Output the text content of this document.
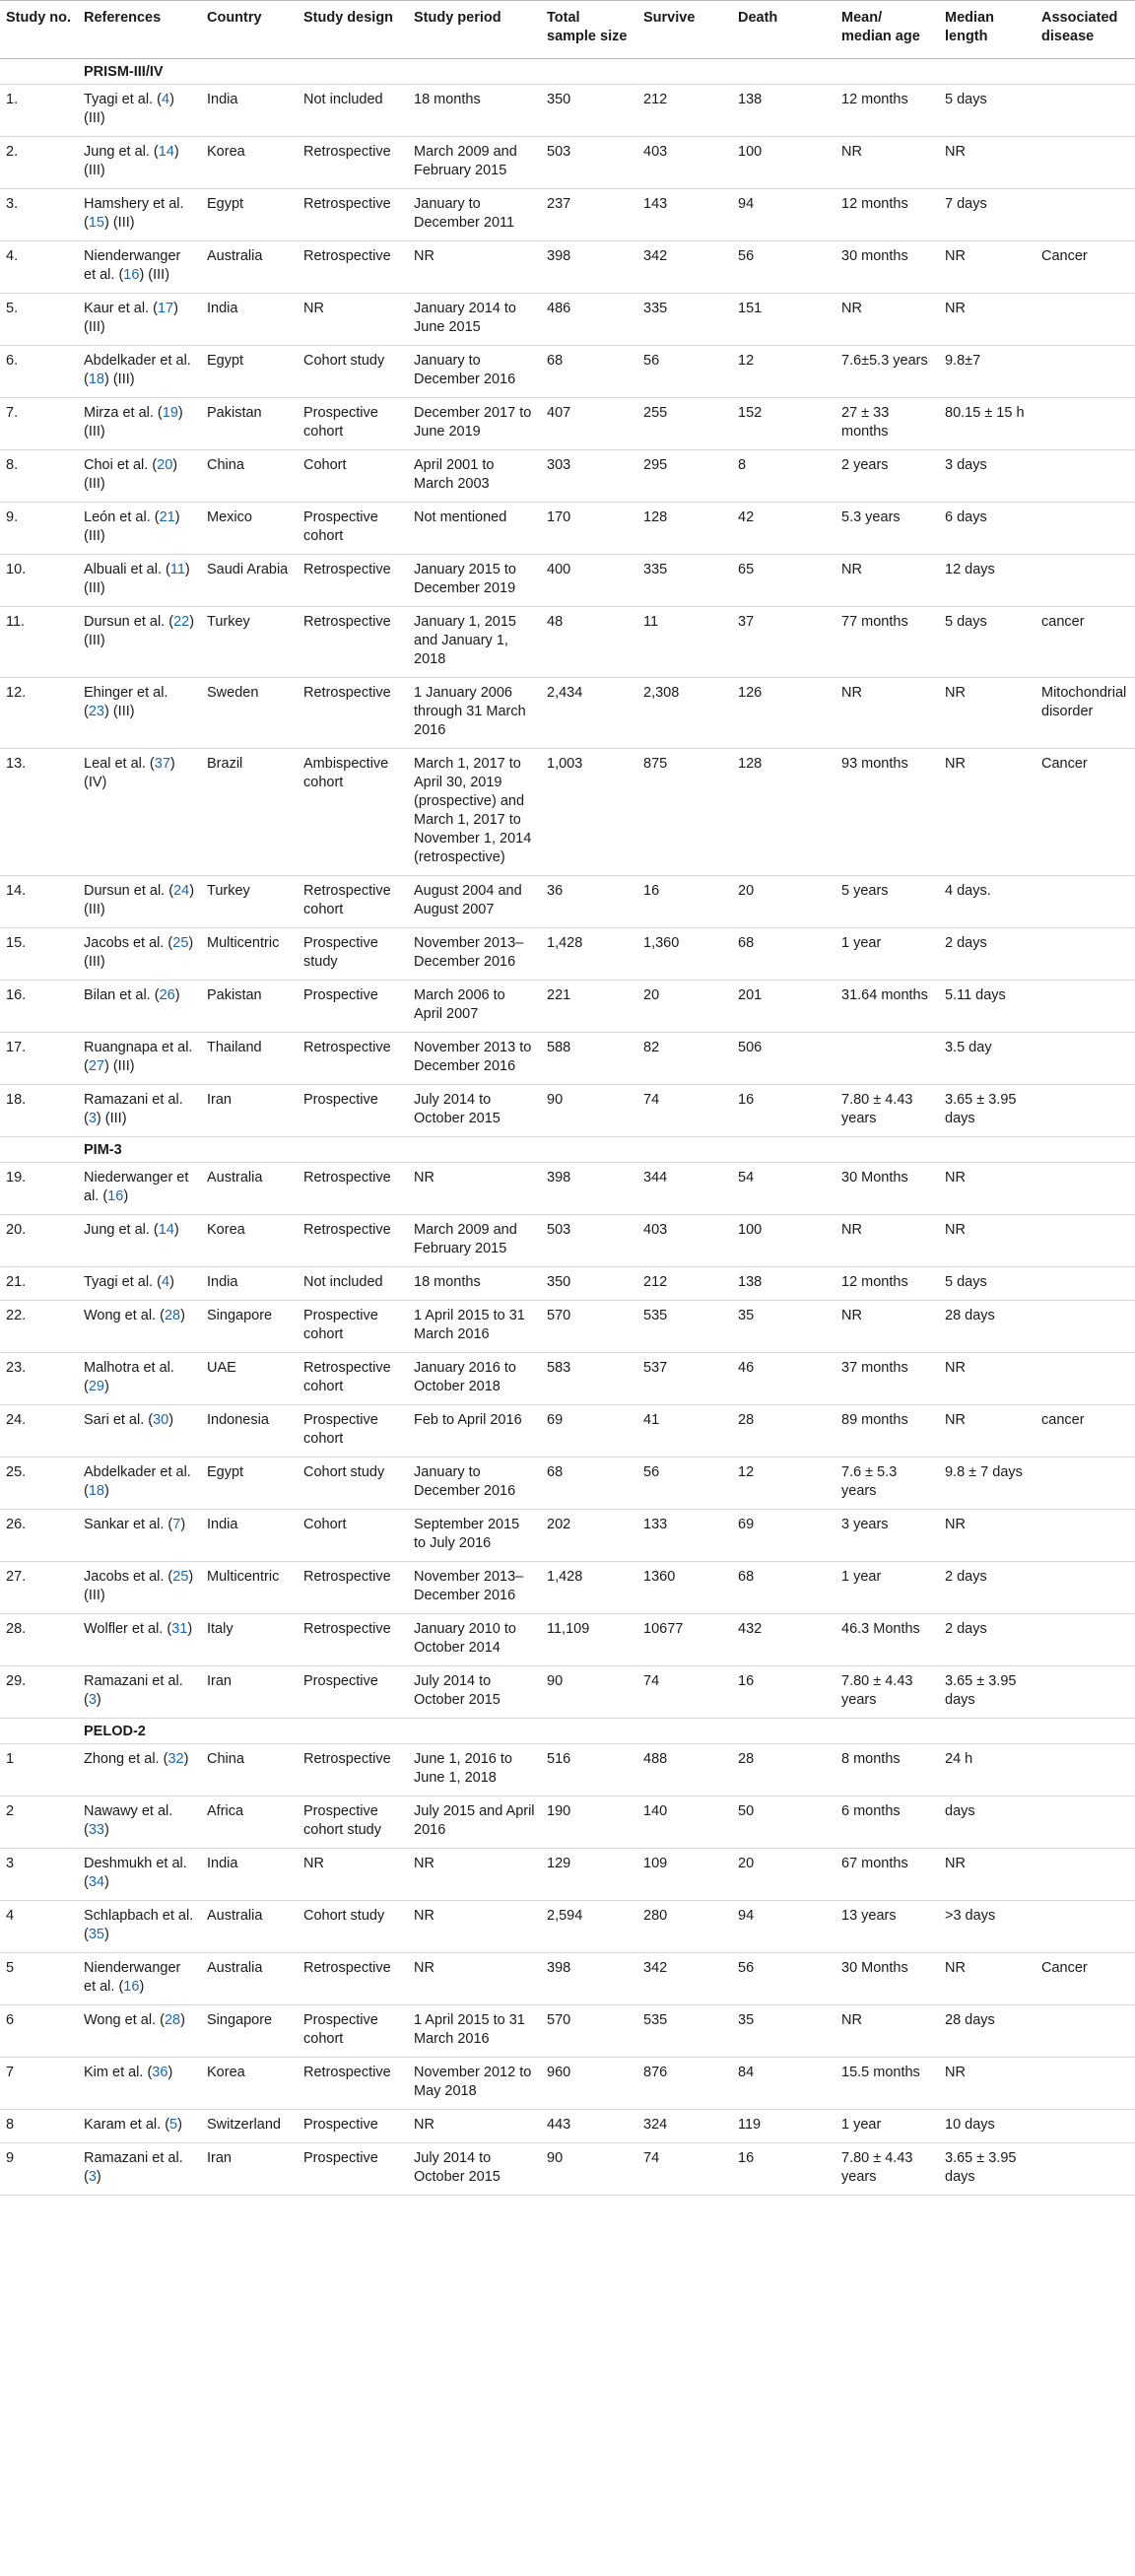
Study no.	References	Country	Study design	Study period	Total sample size	Survive	Death	Mean/ median age	Median length	Associated disease
	PRISM-III/IV									
1.	Tyagi et al. (4) (III)	India	Not included	18 months	350	212	138	12 months	5 days	
2.	Jung et al. (14) (III)	Korea	Retrospective	March 2009 and February 2015	503	403	100	NR	NR	
3.	Hamshery et al. (15) (III)	Egypt	Retrospective	January to December 2011	237	143	94	12 months	7 days	
4.	Nienderwanger et al. (16) (III)	Australia	Retrospective	NR	398	342	56	30 months	NR	Cancer
5.	Kaur et al. (17) (III)	India	NR	January 2014 to June 2015	486	335	151	NR	NR	
6.	Abdelkader et al. (18) (III)	Egypt	Cohort study	January to December 2016	68	56	12	7.6±5.3 years	9.8±7	
7.	Mirza et al. (19) (III)	Pakistan	Prospective cohort	December 2017 to June 2019	407	255	152	27 ± 33 months	80.15 ± 15 h	
8.	Choi et al. (20) (III)	China	Cohort	April 2001 to March 2003	303	295	8	2 years	3 days	
9.	León et al. (21) (III)	Mexico	Prospective cohort	Not mentioned	170	128	42	5.3 years	6 days	
10.	Albuali et al. (11) (III)	Saudi Arabia	Retrospective	January 2015 to December 2019	400	335	65	NR	12 days	
11.	Dursun et al. (22) (III)	Turkey	Retrospective	January 1, 2015 and January 1, 2018	48	11	37	77 months	5 days	cancer
12.	Ehinger et al. (23) (III)	Sweden	Retrospective	1 January 2006 through 31 March 2016	2,434	2,308	126	NR	NR	Mitochondrial disorder
13.	Leal et al. (37) (IV)	Brazil	Ambispective cohort	March 1, 2017 to April 30, 2019 (prospective) and March 1, 2017 to November 1, 2014 (retrospective)	1,003	875	128	93 months	NR	Cancer
14.	Dursun et al. (24) (III)	Turkey	Retrospective cohort	August 2004 and August 2007	36	16	20	5 years	4 days.	
15.	Jacobs et al. (25) (III)	Multicentric	Prospective study	November 2013–December 2016	1,428	1,360	68	1 year	2 days	
16.	Bilan et al. (26)	Pakistan	Prospective	March 2006 to April 2007	221	20	201	31.64 months	5.11 days	
17.	Ruangnapa et al. (27) (III)	Thailand	Retrospective	November 2013 to December 2016	588	82	506		3.5 day	
18.	Ramazani et al. (3) (III)	Iran	Prospective	July 2014 to October 2015	90	74	16	7.80 ± 4.43 years	3.65 ± 3.95 days	
	PIM-3									
19.	Niederwanger et al. (16)	Australia	Retrospective	NR	398	344	54	30 Months	NR	
20.	Jung et al. (14)	Korea	Retrospective	March 2009 and February 2015	503	403	100	NR	NR	
21.	Tyagi et al. (4)	India	Not included	18 months	350	212	138	12 months	5 days	
22.	Wong et al. (28)	Singapore	Prospective cohort	1 April 2015 to 31 March 2016	570	535	35	NR	28 days	
23.	Malhotra et al. (29)	UAE	Retrospective cohort	January 2016 to October 2018	583	537	46	37 months	NR	
24.	Sari et al. (30)	Indonesia	Prospective cohort	Feb to April 2016	69	41	28	89 months	NR	cancer
25.	Abdelkader et al. (18)	Egypt	Cohort study	January to December 2016	68	56	12	7.6 ± 5.3 years	9.8 ± 7 days	
26.	Sankar et al. (7)	India	Cohort	September 2015 to July 2016	202	133	69	3 years	NR	
27.	Jacobs et al. (25) (III)	Multicentric	Retrospective	November 2013–December 2016	1,428	1360	68	1 year	2 days	
28.	Wolfler et al. (31)	Italy	Retrospective	January 2010 to October 2014	11,109	10677	432	46.3 Months	2 days	
29.	Ramazani et al. (3)	Iran	Prospective	July 2014 to October 2015	90	74	16	7.80 ± 4.43 years	3.65 ± 3.95 days	
	PELOD-2									
1	Zhong et al. (32)	China	Retrospective	June 1, 2016 to June 1, 2018	516	488	28	8 months	24 h	
2	Nawawy et al. (33)	Africa	Prospective cohort study	July 2015 and April 2016	190	140	50	6 months	days	
3	Deshmukh et al. (34)	India	NR	NR	129	109	20	67 months	NR	
4	Schlapbach et al. (35)	Australia	Cohort study	NR	2,594	280	94	13 years	>3 days	
5	Nienderwanger et al. (16)	Australia	Retrospective	NR	398	342	56	30 Months	NR	Cancer
6	Wong et al. (28)	Singapore	Prospective cohort	1 April 2015 to 31 March 2016	570	535	35	NR	28 days	
7	Kim et al. (36)	Korea	Retrospective	November 2012 to May 2018	960	876	84	15.5 months	NR	
8	Karam et al. (5)	Switzerland	Prospective	NR	443	324	119	1 year	10 days	
9	Ramazani et al. (3)	Iran	Prospective	July 2014 to October 2015	90	74	16	7.80 ± 4.43 years	3.65 ± 3.95 days	
